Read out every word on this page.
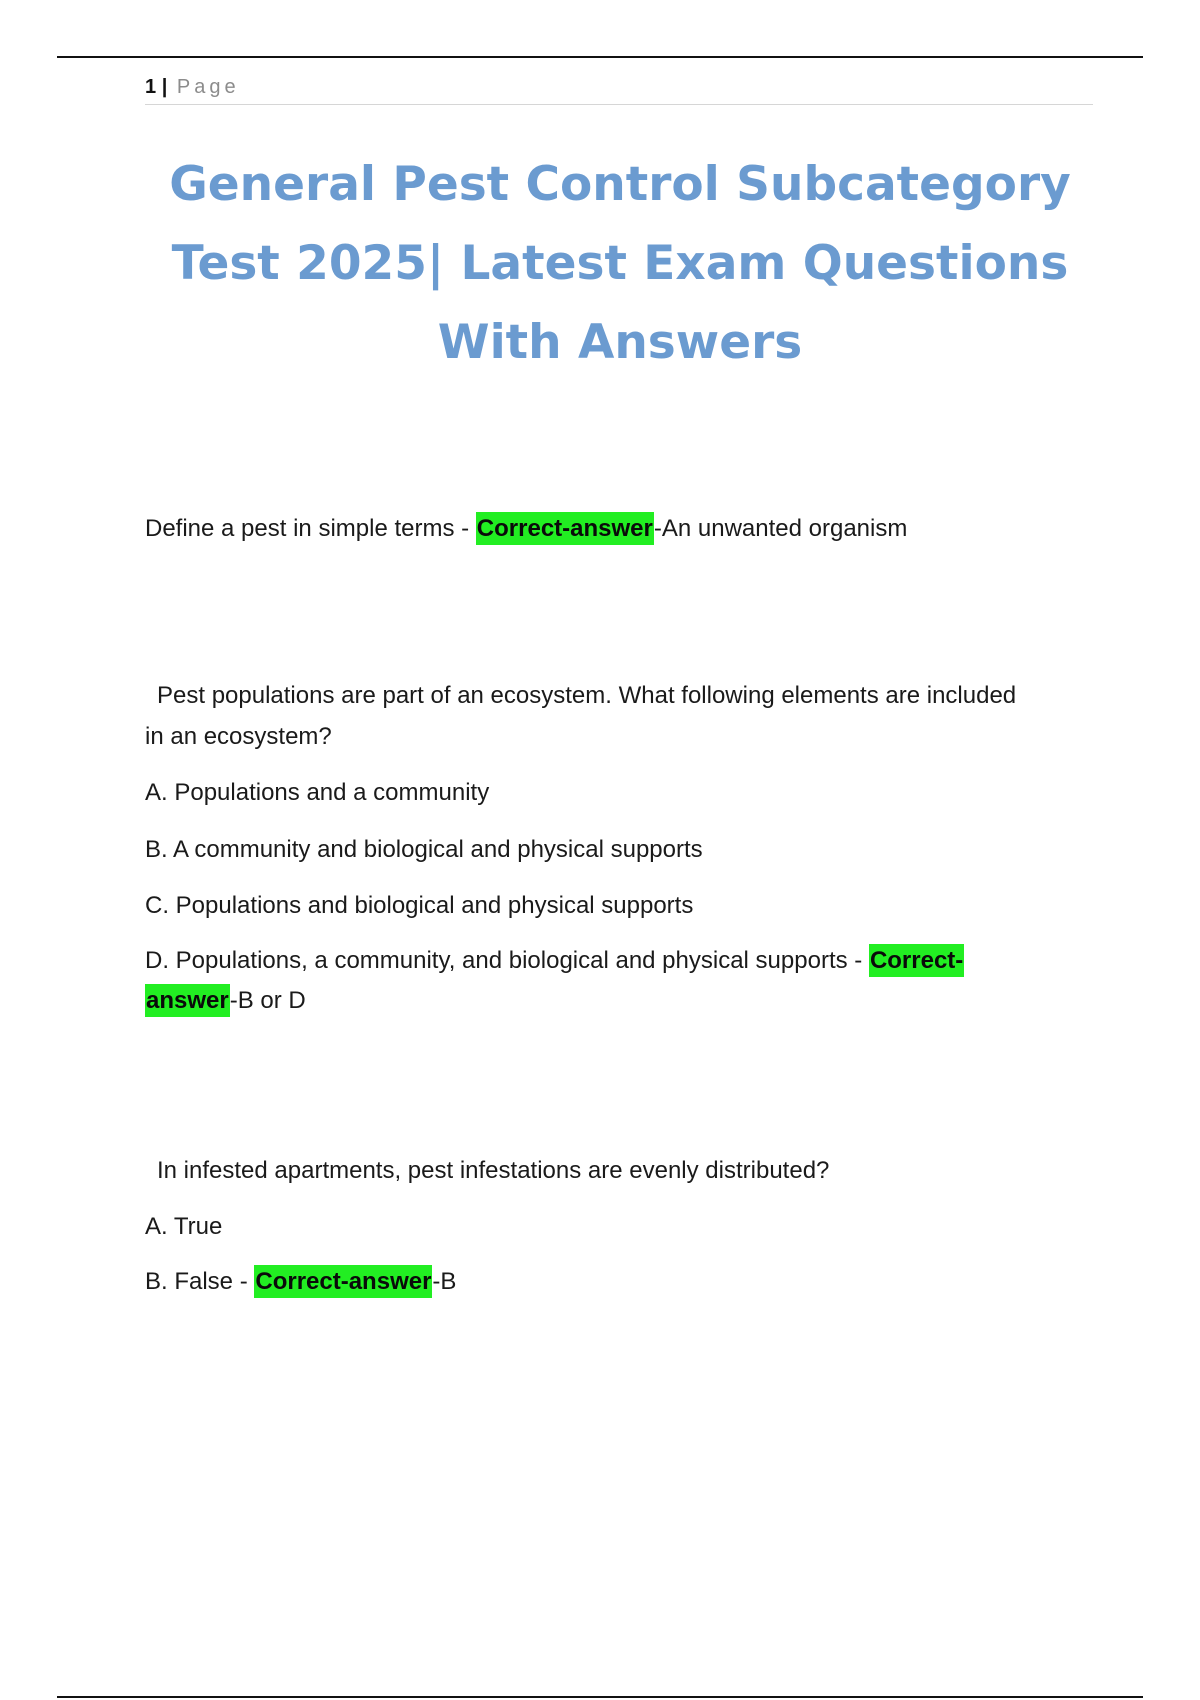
1 | Page
General Pest Control Subcategory
Test 2025| Latest Exam Questions
With Answers
Define a pest in simple terms - Correct-answer-An unwanted organism
Pest populations are part of an ecosystem. What following elements are included
in an ecosystem?
A. Populations and a community
B. A community and biological and physical supports
C. Populations and biological and physical supports
D. Populations, a community, and biological and physical supports - Correct-
answer-B or D
In infested apartments, pest infestations are evenly distributed?
A. True
B. False - Correct-answer-B
